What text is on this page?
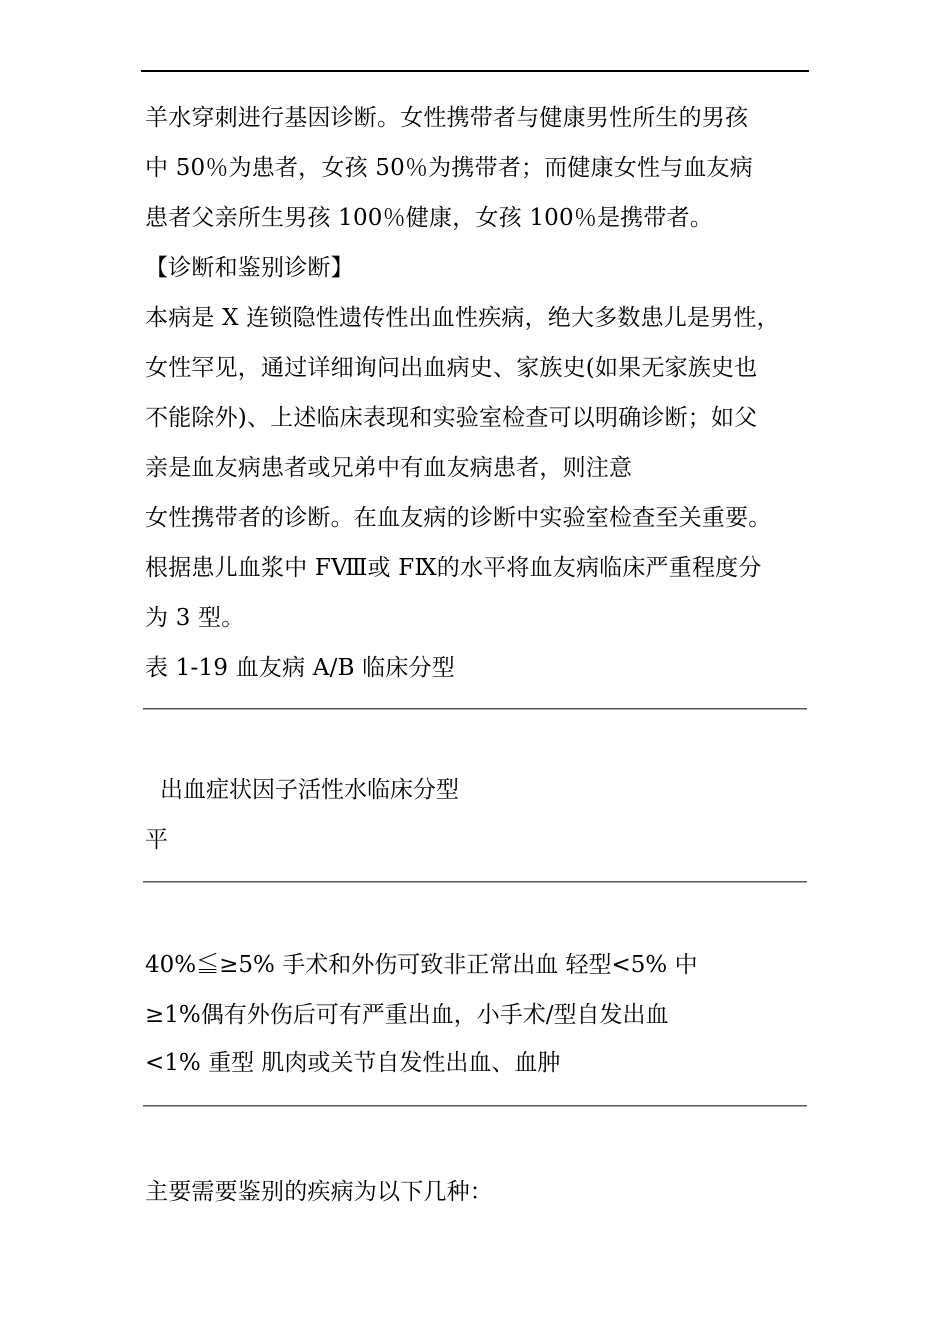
羊水穿刺进行基因诊断。女性携带者与健康男性所生的男孩
中 50％为患者，女孩 50％为携带者；而健康女性与血友病
患者父亲所生男孩 100％健康，女孩 100％是携带者。
【诊断和鉴别诊断】
本病是 X 连锁隐性遗传性出血性疾病，绝大多数患儿是男性，
女性罕见，通过详细询问出血病史、家族史(如果无家族史也
不能除外)、上述临床表现和实验室检查可以明确诊断；如父
亲是血友病患者或兄弟中有血友病患者，则注意
女性携带者的诊断。在血友病的诊断中实验室检查至关重要。
根据患儿血浆中 FⅧ或 FⅨ的水平将血友病临床严重程度分
为 3 型。
表 1-19 血友病 A/B 临床分型
出血症状因子活性水临床分型
平
40%≦≥5% 手术和外伤可致非正常出血 轻型<5% 中
≥1%偶有外伤后可有严重出血，小手术/型自发出血
<1% 重型 肌肉或关节自发性出血、血肿
主要需要鉴别的疾病为以下几种：
